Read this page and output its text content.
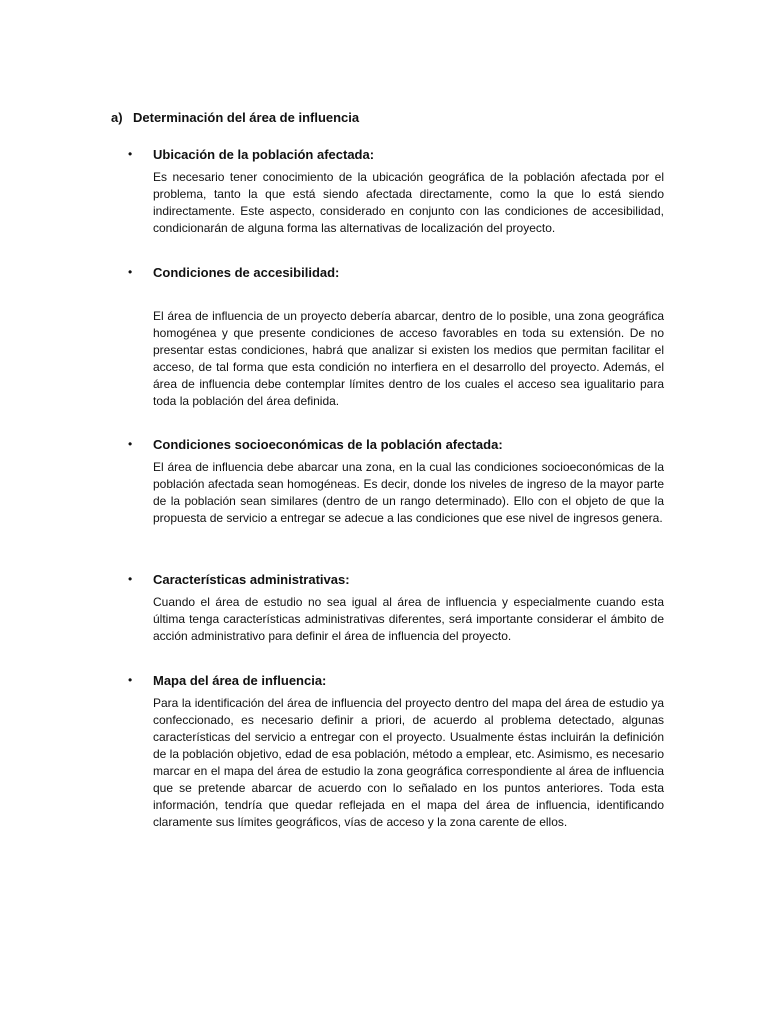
a) Determinación del área de influencia
• Ubicación de la población afectada:
Es necesario tener conocimiento de la ubicación geográfica de la población afectada por el problema, tanto la que está siendo afectada directamente, como la que lo está siendo indirectamente. Este aspecto, considerado en conjunto con las condiciones de accesibilidad, condicionarán de alguna forma las alternativas de localización del proyecto.
• Condiciones de accesibilidad:
El área de influencia de un proyecto debería abarcar, dentro de lo posible, una zona geográfica homogénea y que presente condiciones de acceso favorables en toda su extensión. De no presentar estas condiciones, habrá que analizar si existen los medios que permitan facilitar el acceso, de tal forma que esta condición no interfiera en el desarrollo del proyecto. Además, el área de influencia debe contemplar límites dentro de los cuales el acceso sea igualitario para toda la población del área definida.
• Condiciones socioeconómicas de la población afectada:
El área de influencia debe abarcar una zona, en la cual las condiciones socioeconómicas de la población afectada sean homogéneas. Es decir, donde los niveles de ingreso de la mayor parte de la población sean similares (dentro de un rango determinado). Ello con el objeto de que la propuesta de servicio a entregar se adecue a las condiciones que ese nivel de ingresos genera.
• Características administrativas:
Cuando el área de estudio no sea igual al área de influencia y especialmente cuando esta última tenga características administrativas diferentes, será importante considerar el ámbito de acción administrativo para definir el área de influencia del proyecto.
• Mapa del área de influencia:
Para la identificación del área de influencia del proyecto dentro del mapa del área de estudio ya confeccionado, es necesario definir a priori, de acuerdo al problema detectado, algunas características del servicio a entregar con el proyecto. Usualmente éstas incluirán la definición de la población objetivo, edad de esa población, método a emplear, etc. Asimismo, es necesario marcar en el mapa del área de estudio la zona geográfica correspondiente al área de influencia que se pretende abarcar de acuerdo con lo señalado en los puntos anteriores. Toda esta información, tendría que quedar reflejada en el mapa del área de influencia, identificando claramente sus límites geográficos, vías de acceso y la zona carente de ellos.
